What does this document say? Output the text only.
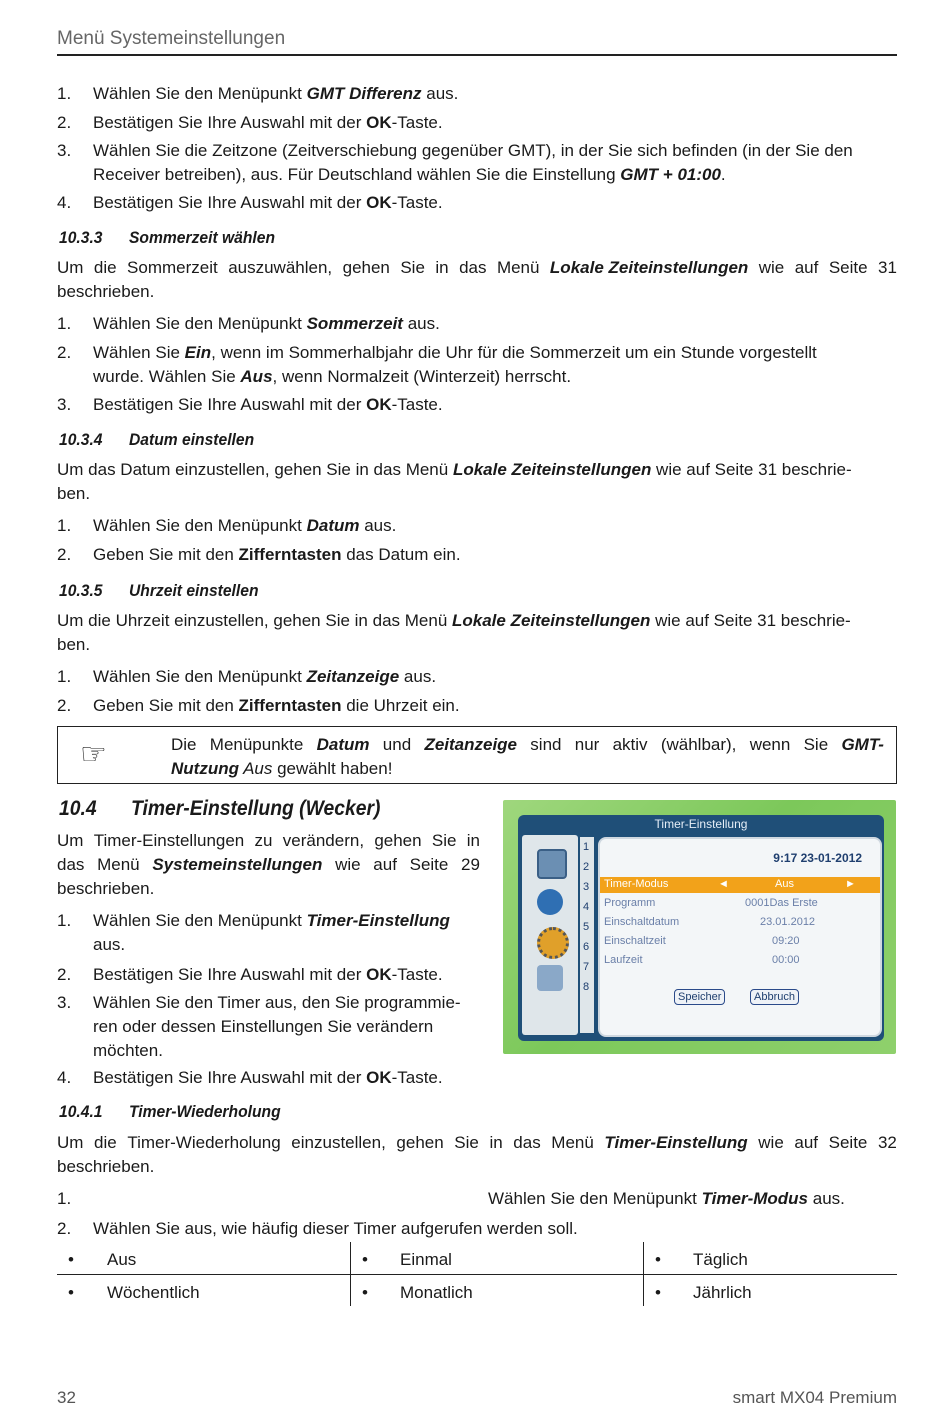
Menü Systemeinstellungen
1. Wählen Sie den Menüpunkt GMT Differenz aus.
2. Bestätigen Sie Ihre Auswahl mit der OK-Taste.
3. Wählen Sie die Zeitzone (Zeitverschiebung gegenüber GMT), in der Sie sich befinden (in der Sie den
Receiver betreiben), aus. Für Deutschland wählen Sie die Einstellung GMT + 01:00.
4. Bestätigen Sie Ihre Auswahl mit der OK-Taste.
10.3.3 Sommerzeit wählen
Um die Sommerzeit auszuwählen, gehen Sie in das Menü Lokale Zeiteinstellungen wie auf Seite 31
beschrieben.
1. Wählen Sie den Menüpunkt Sommerzeit aus.
2. Wählen Sie Ein, wenn im Sommerhalbjahr die Uhr für die Sommerzeit um ein Stunde vorgestellt
wurde. Wählen Sie Aus, wenn Normalzeit (Winterzeit) herrscht.
3. Bestätigen Sie Ihre Auswahl mit der OK-Taste.
10.3.4 Datum einstellen
Um das Datum einzustellen, gehen Sie in das Menü Lokale Zeiteinstellungen wie auf Seite 31 beschrie-
ben.
1. Wählen Sie den Menüpunkt Datum aus.
2. Geben Sie mit den Zifferntasten das Datum ein.
10.3.5 Uhrzeit einstellen
Um die Uhrzeit einzustellen, gehen Sie in das Menü Lokale Zeiteinstellungen wie auf Seite 31 beschrie-
ben.
1. Wählen Sie den Menüpunkt Zeitanzeige aus.
2. Geben Sie mit den Zifferntasten die Uhrzeit ein.
☞	Die Menüpunkte Datum und Zeitanzeige sind nur aktiv (wählbar), wenn Sie GMT-
Nutzung Aus gewählt haben!
10.4 Timer-Einstellung (Wecker)
Um Timer-Einstellungen zu verändern, gehen Sie in
das Menü Systemeinstellungen wie auf Seite 29
beschrieben.
1. Wählen Sie den Menüpunkt Timer-Einstellung
aus.
2. Bestätigen Sie Ihre Auswahl mit der OK-Taste.
3. Wählen Sie den Timer aus, den Sie programmie-
ren oder dessen Einstellungen Sie verändern
möchten.
4. Bestätigen Sie Ihre Auswahl mit der OK-Taste.
Timer-Einstellung
1
2
3
4
5
6
7
8
9:17 23-01-2012
Timer-Modus	◄	Aus	►
Programm	0001Das Erste
Einschaltdatum	23.01.2012
Einschaltzeit	09:20
Laufzeit	00:00
Speicher	Abbruch
10.4.1 Timer-Wiederholung
Um die Timer-Wiederholung einzustellen, gehen Sie in das Menü Timer-Einstellung wie auf Seite 32
beschrieben.
1.	Wählen Sie den Menüpunkt Timer-Modus aus.
2. Wählen Sie aus, wie häufig dieser Timer aufgerufen werden soll.
• Aus	• Einmal	• Täglich
• Wöchentlich	• Monatlich	• Jährlich
32	smart MX04 Premium
